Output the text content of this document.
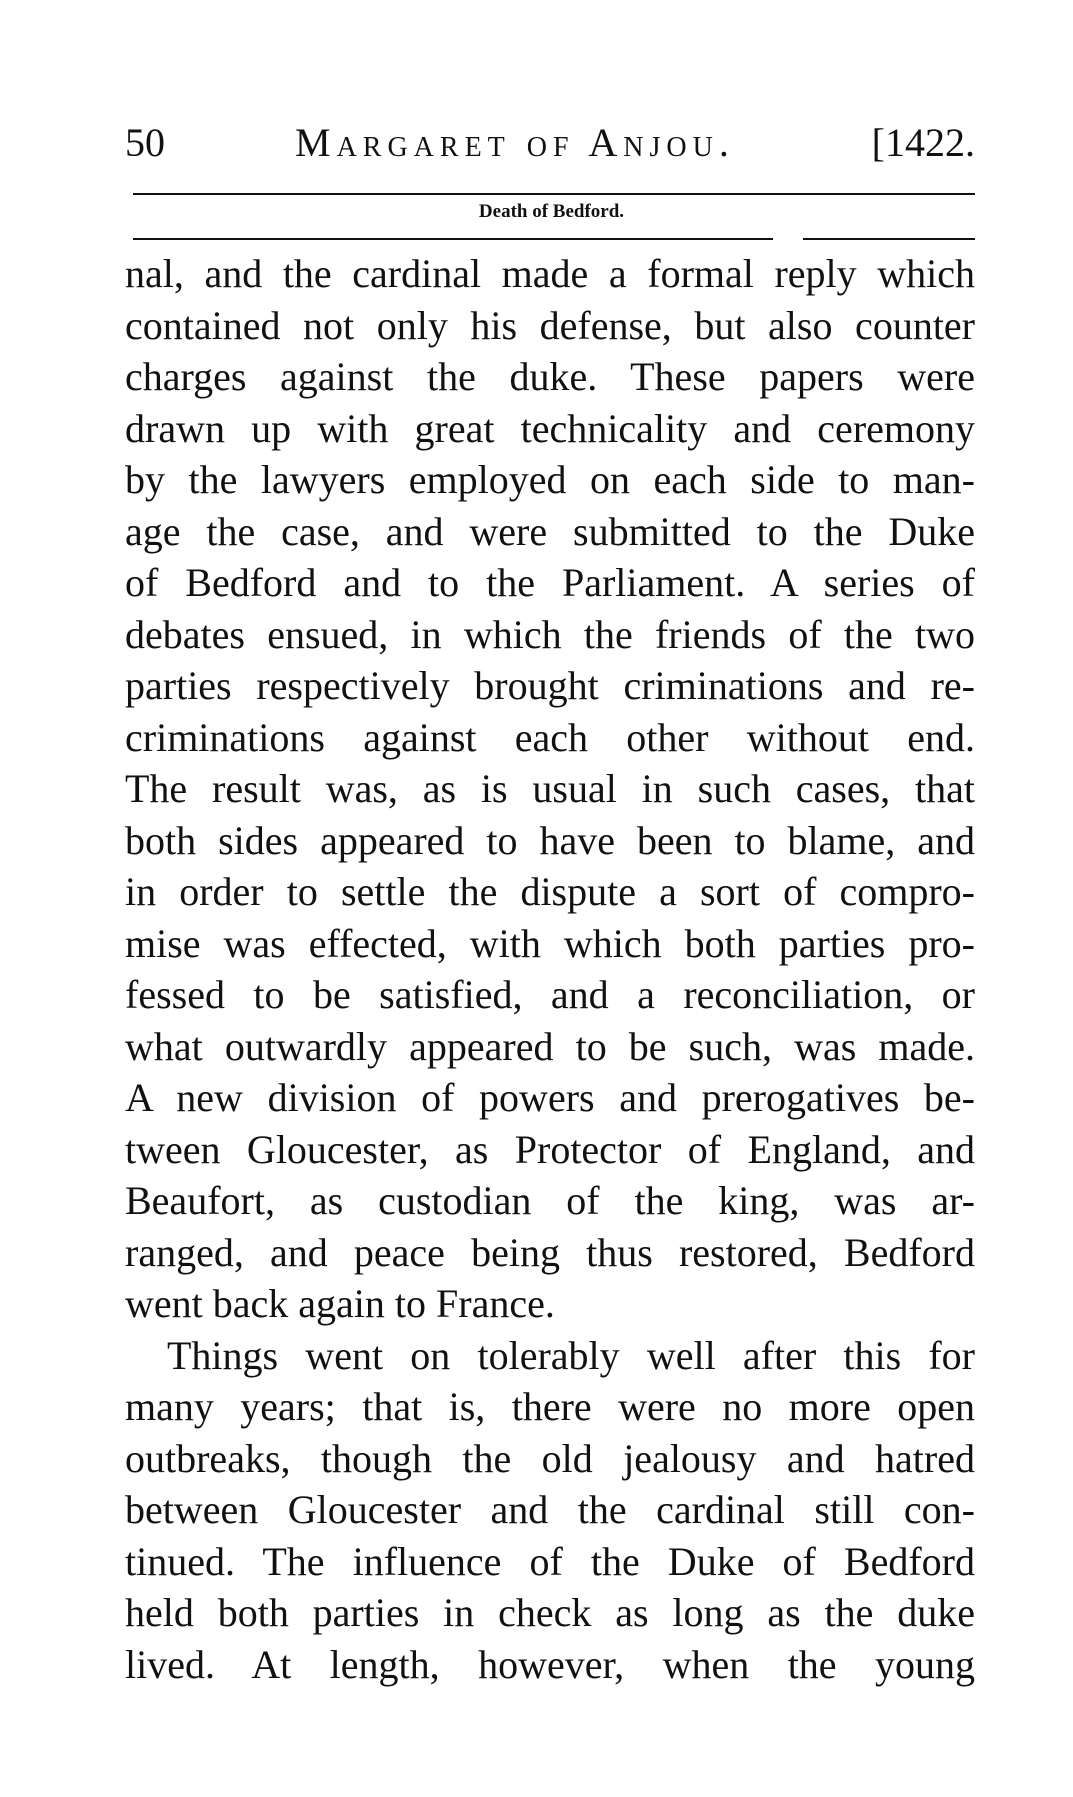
50	Margaret of Anjou.	[1422.
Death of Bedford.
nal, and the cardinal made a formal reply which
contained not only his defense, but also counter
charges against the duke. These papers were
drawn up with great technicality and ceremony
by the lawyers employed on each side to man-
age the case, and were submitted to the Duke
of Bedford and to the Parliament. A series of
debates ensued, in which the friends of the two
parties respectively brought criminations and re-
criminations against each other without end.
The result was, as is usual in such cases, that
both sides appeared to have been to blame, and
in order to settle the dispute a sort of compro-
mise was effected, with which both parties pro-
fessed to be satisfied, and a reconciliation, or
what outwardly appeared to be such, was made.
A new division of powers and prerogatives be-
tween Gloucester, as Protector of England, and
Beaufort, as custodian of the king, was ar-
ranged, and peace being thus restored, Bedford
went back again to France.
Things went on tolerably well after this for
many years; that is, there were no more open
outbreaks, though the old jealousy and hatred
between Gloucester and the cardinal still con-
tinued. The influence of the Duke of Bedford
held both parties in check as long as the duke
lived. At length, however, when the young
